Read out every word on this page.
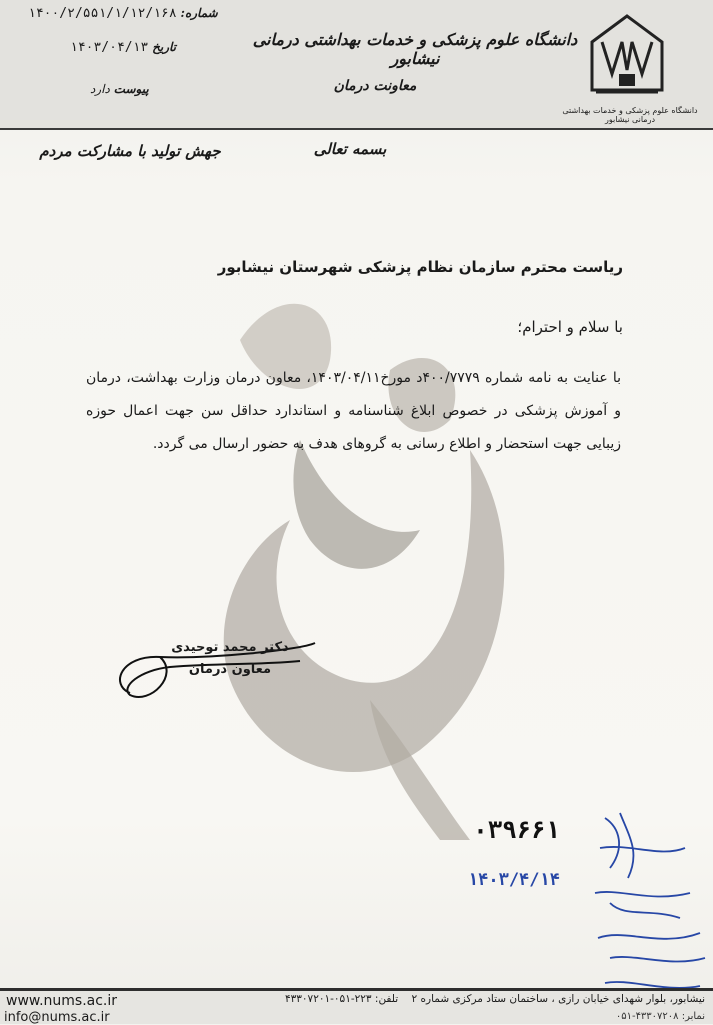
دانشگاه علوم پزشکی و خدمات بهداشتی درمانی نیشابور
دانشگاه علوم پزشکی و خدمات بهداشتی درمانی نیشابور
معاونت درمان
شماره: ۱۴۰۰/۲/۵۵۱/۱/۱۲/۱۶۸
تاریخ ۱۴۰۳/۰۴/۱۳
پیوست دارد
بسمه تعالی
جهش تولید با مشارکت مردم
ریاست محترم سازمان نظام پزشکی شهرستان نیشابور
با سلام و احترام؛
با عنایت به نامه شماره ۴۰۰/۷۷۷۹د مورخ۱۴۰۳/۰۴/۱۱، معاون درمان وزارت بهداشت، درمان و آموزش پزشکی در خصوص ابلاغ شناسنامه و استاندارد حداقل سن جهت اعمال حوزه زیبایی جهت استحضار و اطلاع رسانی به گروهای هدف به حضور ارسال می گردد.
دکتر محمد توحیدی
معاون درمان
۰۳۹۶۶۱
۱۴۰۳/۴/۱۴
www.nums.ac.ir
info@nums.ac.ir
نیشابور، بلوار شهدای خیابان رازی ، ساختمان ستاد مرکزی شماره ۲    تلفن: ۲۲۳-۰۵۱-۴۳۳۰۷۲۰۱
نمابر: ۴۳۳۰۷۲۰۸-۰۵۱
